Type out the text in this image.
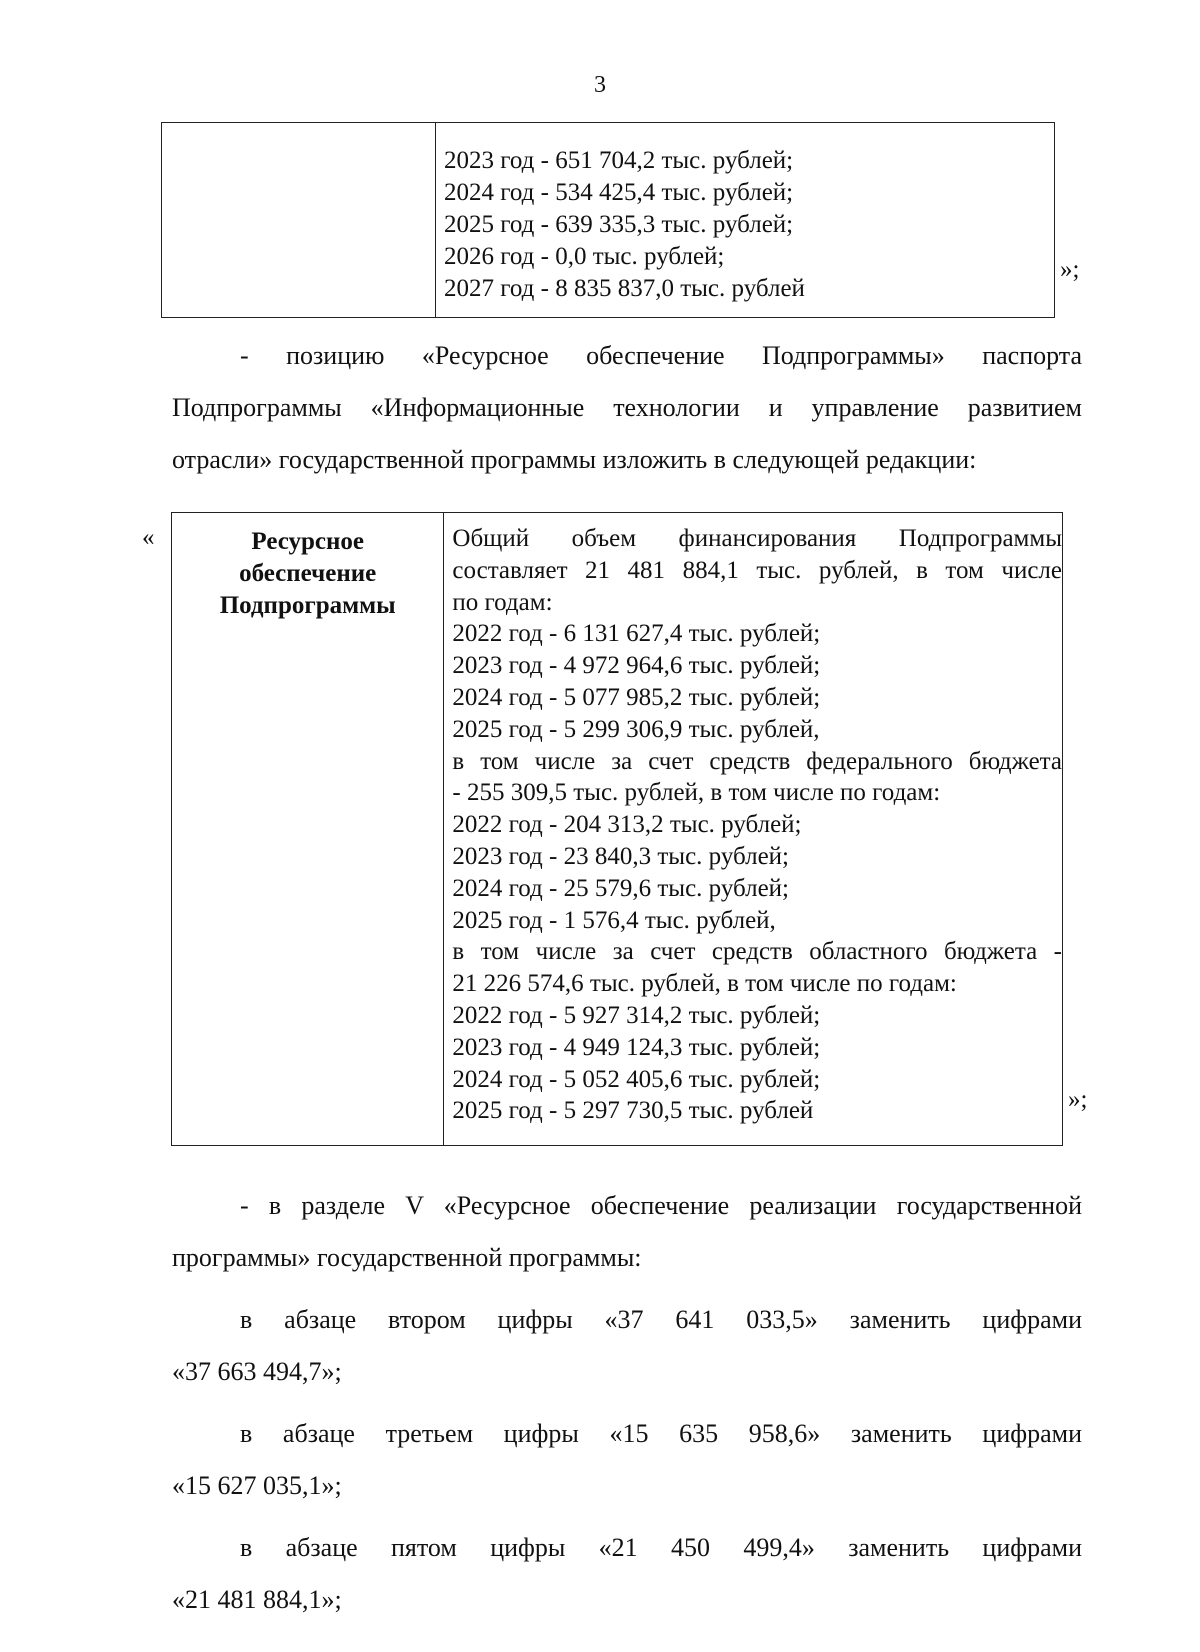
3
2023 год - 651 704,2 тыс. рублей;
2024 год - 534 425,4 тыс. рублей;
2025 год - 639 335,3 тыс. рублей;
2026 год - 0,0 тыс. рублей;
2027 год - 8 835 837,0 тыс. рублей
»;
- позицию «Ресурсное обеспечение Подпрограммы» паспорта
Подпрограммы «Информационные технологии и управление развитием
отрасли» государственной программы изложить в следующей редакции:
«	Ресурсное
обеспечение
Подпрограммы
Общий объем финансирования Подпрограммы
составляет 21 481 884,1 тыс. рублей, в том числе
по годам:
2022 год - 6 131 627,4 тыс. рублей;
2023 год - 4 972 964,6 тыс. рублей;
2024 год - 5 077 985,2 тыс. рублей;
2025 год - 5 299 306,9 тыс. рублей,
в том числе за счет средств федерального бюджета
- 255 309,5 тыс. рублей, в том числе по годам:
2022 год - 204 313,2 тыс. рублей;
2023 год - 23 840,3 тыс. рублей;
2024 год - 25 579,6 тыс. рублей;
2025 год - 1 576,4 тыс. рублей,
в том числе за счет средств областного бюджета -
21 226 574,6 тыс. рублей, в том числе по годам:
2022 год - 5 927 314,2 тыс. рублей;
2023 год - 4 949 124,3 тыс. рублей;
2024 год - 5 052 405,6 тыс. рублей;
2025 год - 5 297 730,5 тыс. рублей	»;
- в разделе V «Ресурсное обеспечение реализации государственной
программы» государственной программы:
в абзаце втором цифры «37 641 033,5» заменить цифрами
«37 663 494,7»;
в абзаце третьем цифры «15 635 958,6» заменить цифрами
«15 627 035,1»;
в абзаце пятом цифры «21 450 499,4» заменить цифрами
«21 481 884,1»;
